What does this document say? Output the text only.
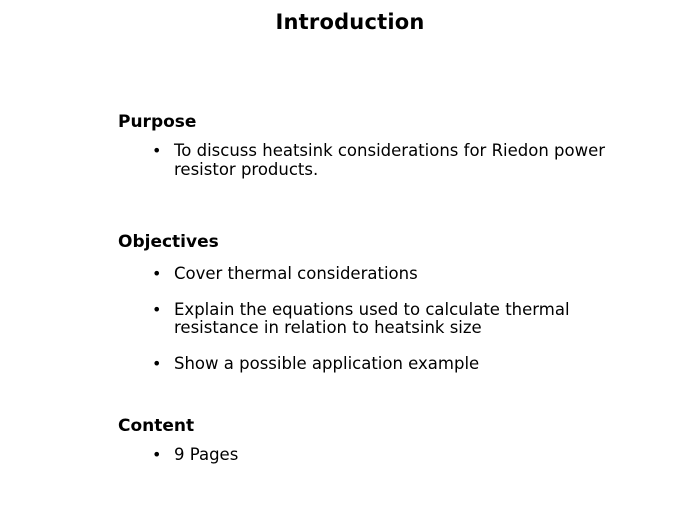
Introduction
Purpose
• To discuss heatsink considerations for Riedon power resistor products.
Objectives
• Cover thermal considerations
• Explain the equations used to calculate thermal resistance in relation to heatsink size
• Show a possible application example
Content
• 9 Pages
